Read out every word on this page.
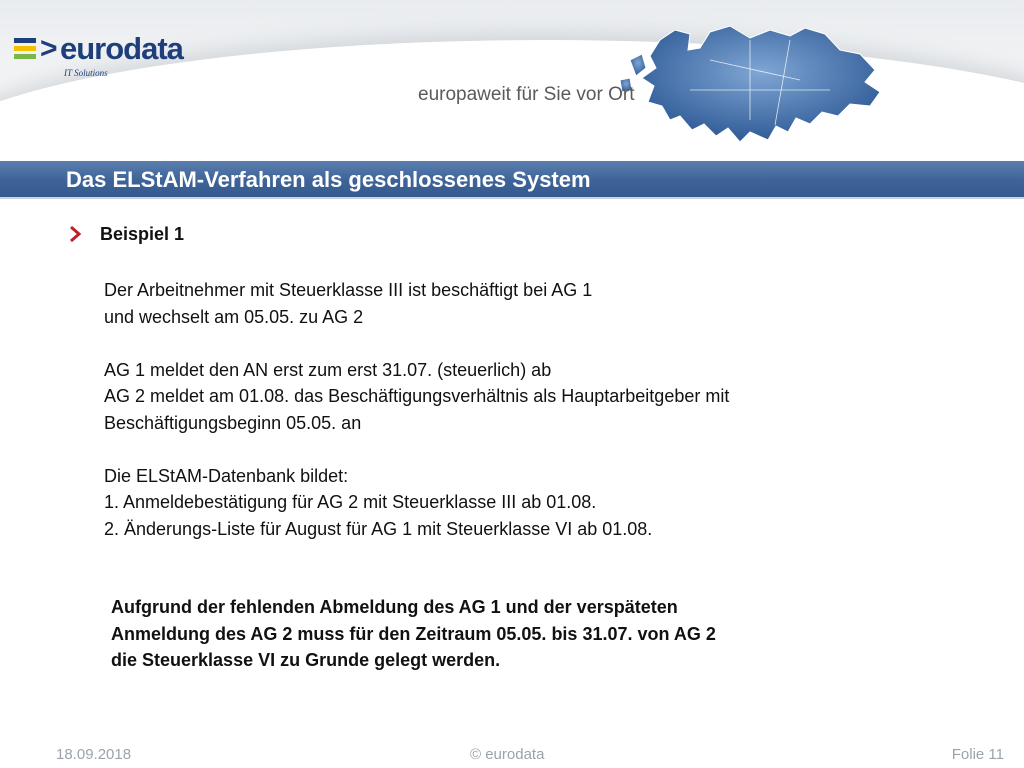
> eurodata
IT Solutions
europaweit für Sie vor Ort
Das ELStAM-Verfahren als geschlossenes System
Beispiel 1

Der Arbeitnehmer mit Steuerklasse III ist beschäftigt bei AG 1

und wechselt am 05.05. zu AG 2

AG 1 meldet den AN erst zum erst 31.07. (steuerlich) ab

AG 2 meldet am 01.08. das Beschäftigungsverhältnis als Hauptarbeitgeber mit

Beschäftigungsbeginn 05.05. an

Die ELStAM-Datenbank bildet:

1. Anmeldebestätigung für AG 2 mit Steuerklasse III ab 01.08.

2. Änderungs-Liste für August für AG 1 mit Steuerklasse VI ab 01.08.

Aufgrund der fehlenden Abmeldung des AG 1 und der verspäteten

Anmeldung des AG 2 muss für den Zeitraum 05.05. bis 31.07. von AG 2

die Steuerklasse VI zu Grunde gelegt werden.

18.09.2018	© eurodata	Folie 11
